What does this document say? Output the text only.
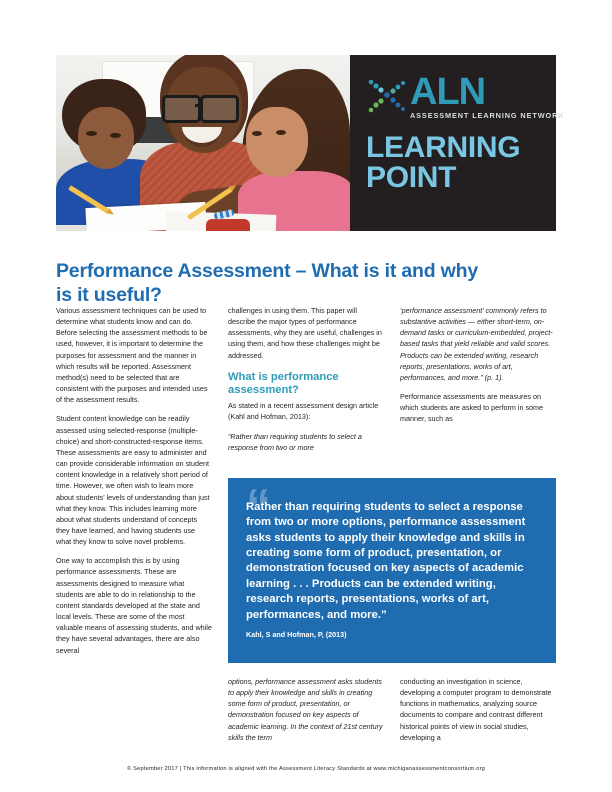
ALN
ASSESSMENT LEARNING NETWORK
LEARNING
POINT
Performance Assessment – What is it and why is it useful?

Various assessment techniques can be used to determine what students know and can do. Before selecting the assessment methods to be used, however, it is important to determine the purposes for assessment and the manner in which results will be reported. Assessment method(s) need to be selected that are consistent with the purposes and intended uses of the assessment results.

Student content knowledge can be readily assessed using selected-response (multiple-choice) and short-constructed-response items. These assessments are easy to administer and can provide considerable information on student content knowledge in a relatively short period of time. However, we often wish to learn more about students’ levels of understanding than just what they know. This includes learning more about what students understand of concepts they have learned, and having students use what they know to solve novel problems.

One way to accomplish this is by using performance assessments. These are assessments designed to measure what students are able to do in relationship to the content standards developed at the state and local levels. These are some of the most valuable means of assessing students, and while they have several advantages, there are also several

challenges in using them. This paper will describe the major types of performance assessments, why they are useful, challenges in using them, and how these challenges might be addressed.

What is performance assessment?

As stated in a recent assessment design article (Kahl and Hofman, 2013):

“Rather than requiring students to select a response from two or more

‘performance assessment’ commonly refers to substantive activities — either short-term, on-demand tasks or curriculum-embedded, project-based tasks that yield reliable and valid scores. Products can be extended writing, research reports, presentations, works of art, performances, and more.” (p. 1).

Performance assessments are measures on which students are asked to perform in some manner, such as

“

Rather than requiring students to select a response from two or more options, performance assessment asks students to apply their knowledge and skills in creating some form of product, presentation, or demonstration focused on key aspects of academic learning . . . Products can be extended writing, research reports, presentations, works of art, performances, and more.”

Kahl, S and Hofman, P, (2013)

options, performance assessment asks students to apply their knowledge and skills in creating some form of product, presentation, or demonstration focused on key aspects of academic learning. In the context of 21st century skills the term

conducting an investigation in science, developing a computer program to demonstrate functions in mathematics, analyzing source documents to compare and contrast different historical points of view in social studies, developing a

© September 2017 | This information is aligned with the Assessment Literacy Standards at www.michiganassessmentconsortium.org
